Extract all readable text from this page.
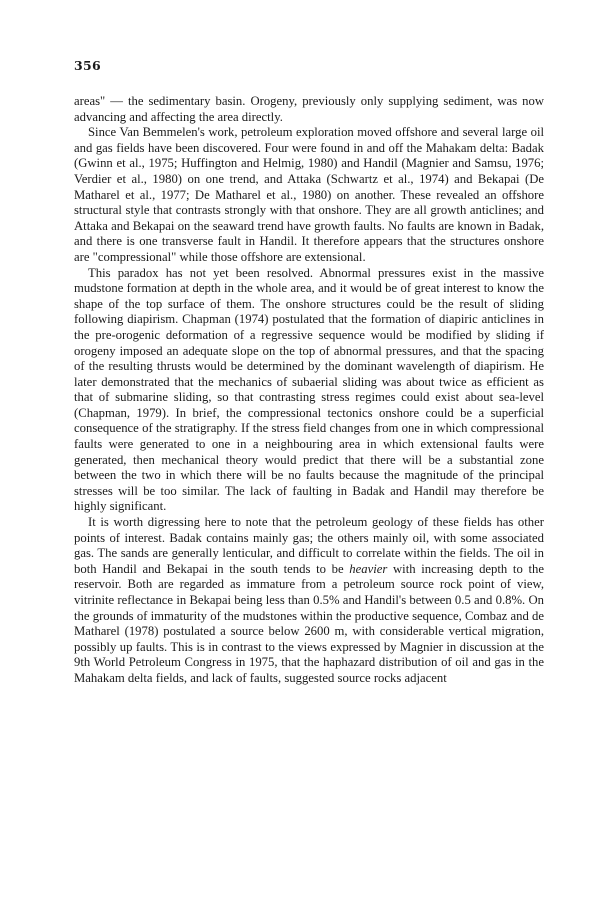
356

areas" — the sedimentary basin. Orogeny, previously only supplying sediment, was now advancing and affecting the area directly.

Since Van Bemmelen's work, petroleum exploration moved offshore and several large oil and gas fields have been discovered. Four were found in and off the Mahakam delta: Badak (Gwinn et al., 1975; Huffington and Helmig, 1980) and Handil (Magnier and Samsu, 1976; Verdier et al., 1980) on one trend, and Attaka (Schwartz et al., 1974) and Bekapai (De Matharel et al., 1977; De Matharel et al., 1980) on another. These revealed an offshore structural style that contrasts strongly with that onshore. They are all growth anticlines; and Attaka and Bekapai on the seaward trend have growth faults. No faults are known in Badak, and there is one transverse fault in Handil. It therefore appears that the structures onshore are "compressional" while those offshore are extensional.

This paradox has not yet been resolved. Abnormal pressures exist in the massive mudstone formation at depth in the whole area, and it would be of great interest to know the shape of the top surface of them. The onshore structures could be the result of sliding following diapirism. Chapman (1974) postulated that the formation of diapiric anticlines in the pre-orogenic deformation of a regressive sequence would be modified by sliding if orogeny imposed an adequate slope on the top of abnormal pressures, and that the spacing of the resulting thrusts would be determined by the dominant wavelength of diapirism. He later demonstrated that the mechanics of subaerial sliding was about twice as efficient as that of submarine sliding, so that contrasting stress regimes could exist about sea-level (Chapman, 1979). In brief, the compressional tectonics onshore could be a superficial consequence of the stratigraphy. If the stress field changes from one in which compressional faults were generated to one in a neighbouring area in which extensional faults were generated, then mechanical theory would predict that there will be a substantial zone between the two in which there will be no faults because the magnitude of the principal stresses will be too similar. The lack of faulting in Badak and Handil may therefore be highly significant.

It is worth digressing here to note that the petroleum geology of these fields has other points of interest. Badak contains mainly gas; the others mainly oil, with some associated gas. The sands are generally lenticular, and difficult to correlate within the fields. The oil in both Handil and Bekapai in the south tends to be heavier with increasing depth to the reservoir. Both are regarded as immature from a petroleum source rock point of view, vitrinite reflectance in Bekapai being less than 0.5% and Handil's between 0.5 and 0.8%. On the grounds of immaturity of the mudstones within the productive sequence, Combaz and de Matharel (1978) postulated a source below 2600 m, with considerable vertical migration, possibly up faults. This is in contrast to the views expressed by Magnier in discussion at the 9th World Petroleum Congress in 1975, that the haphazard distribution of oil and gas in the Mahakam delta fields, and lack of faults, suggested source rocks adjacent
